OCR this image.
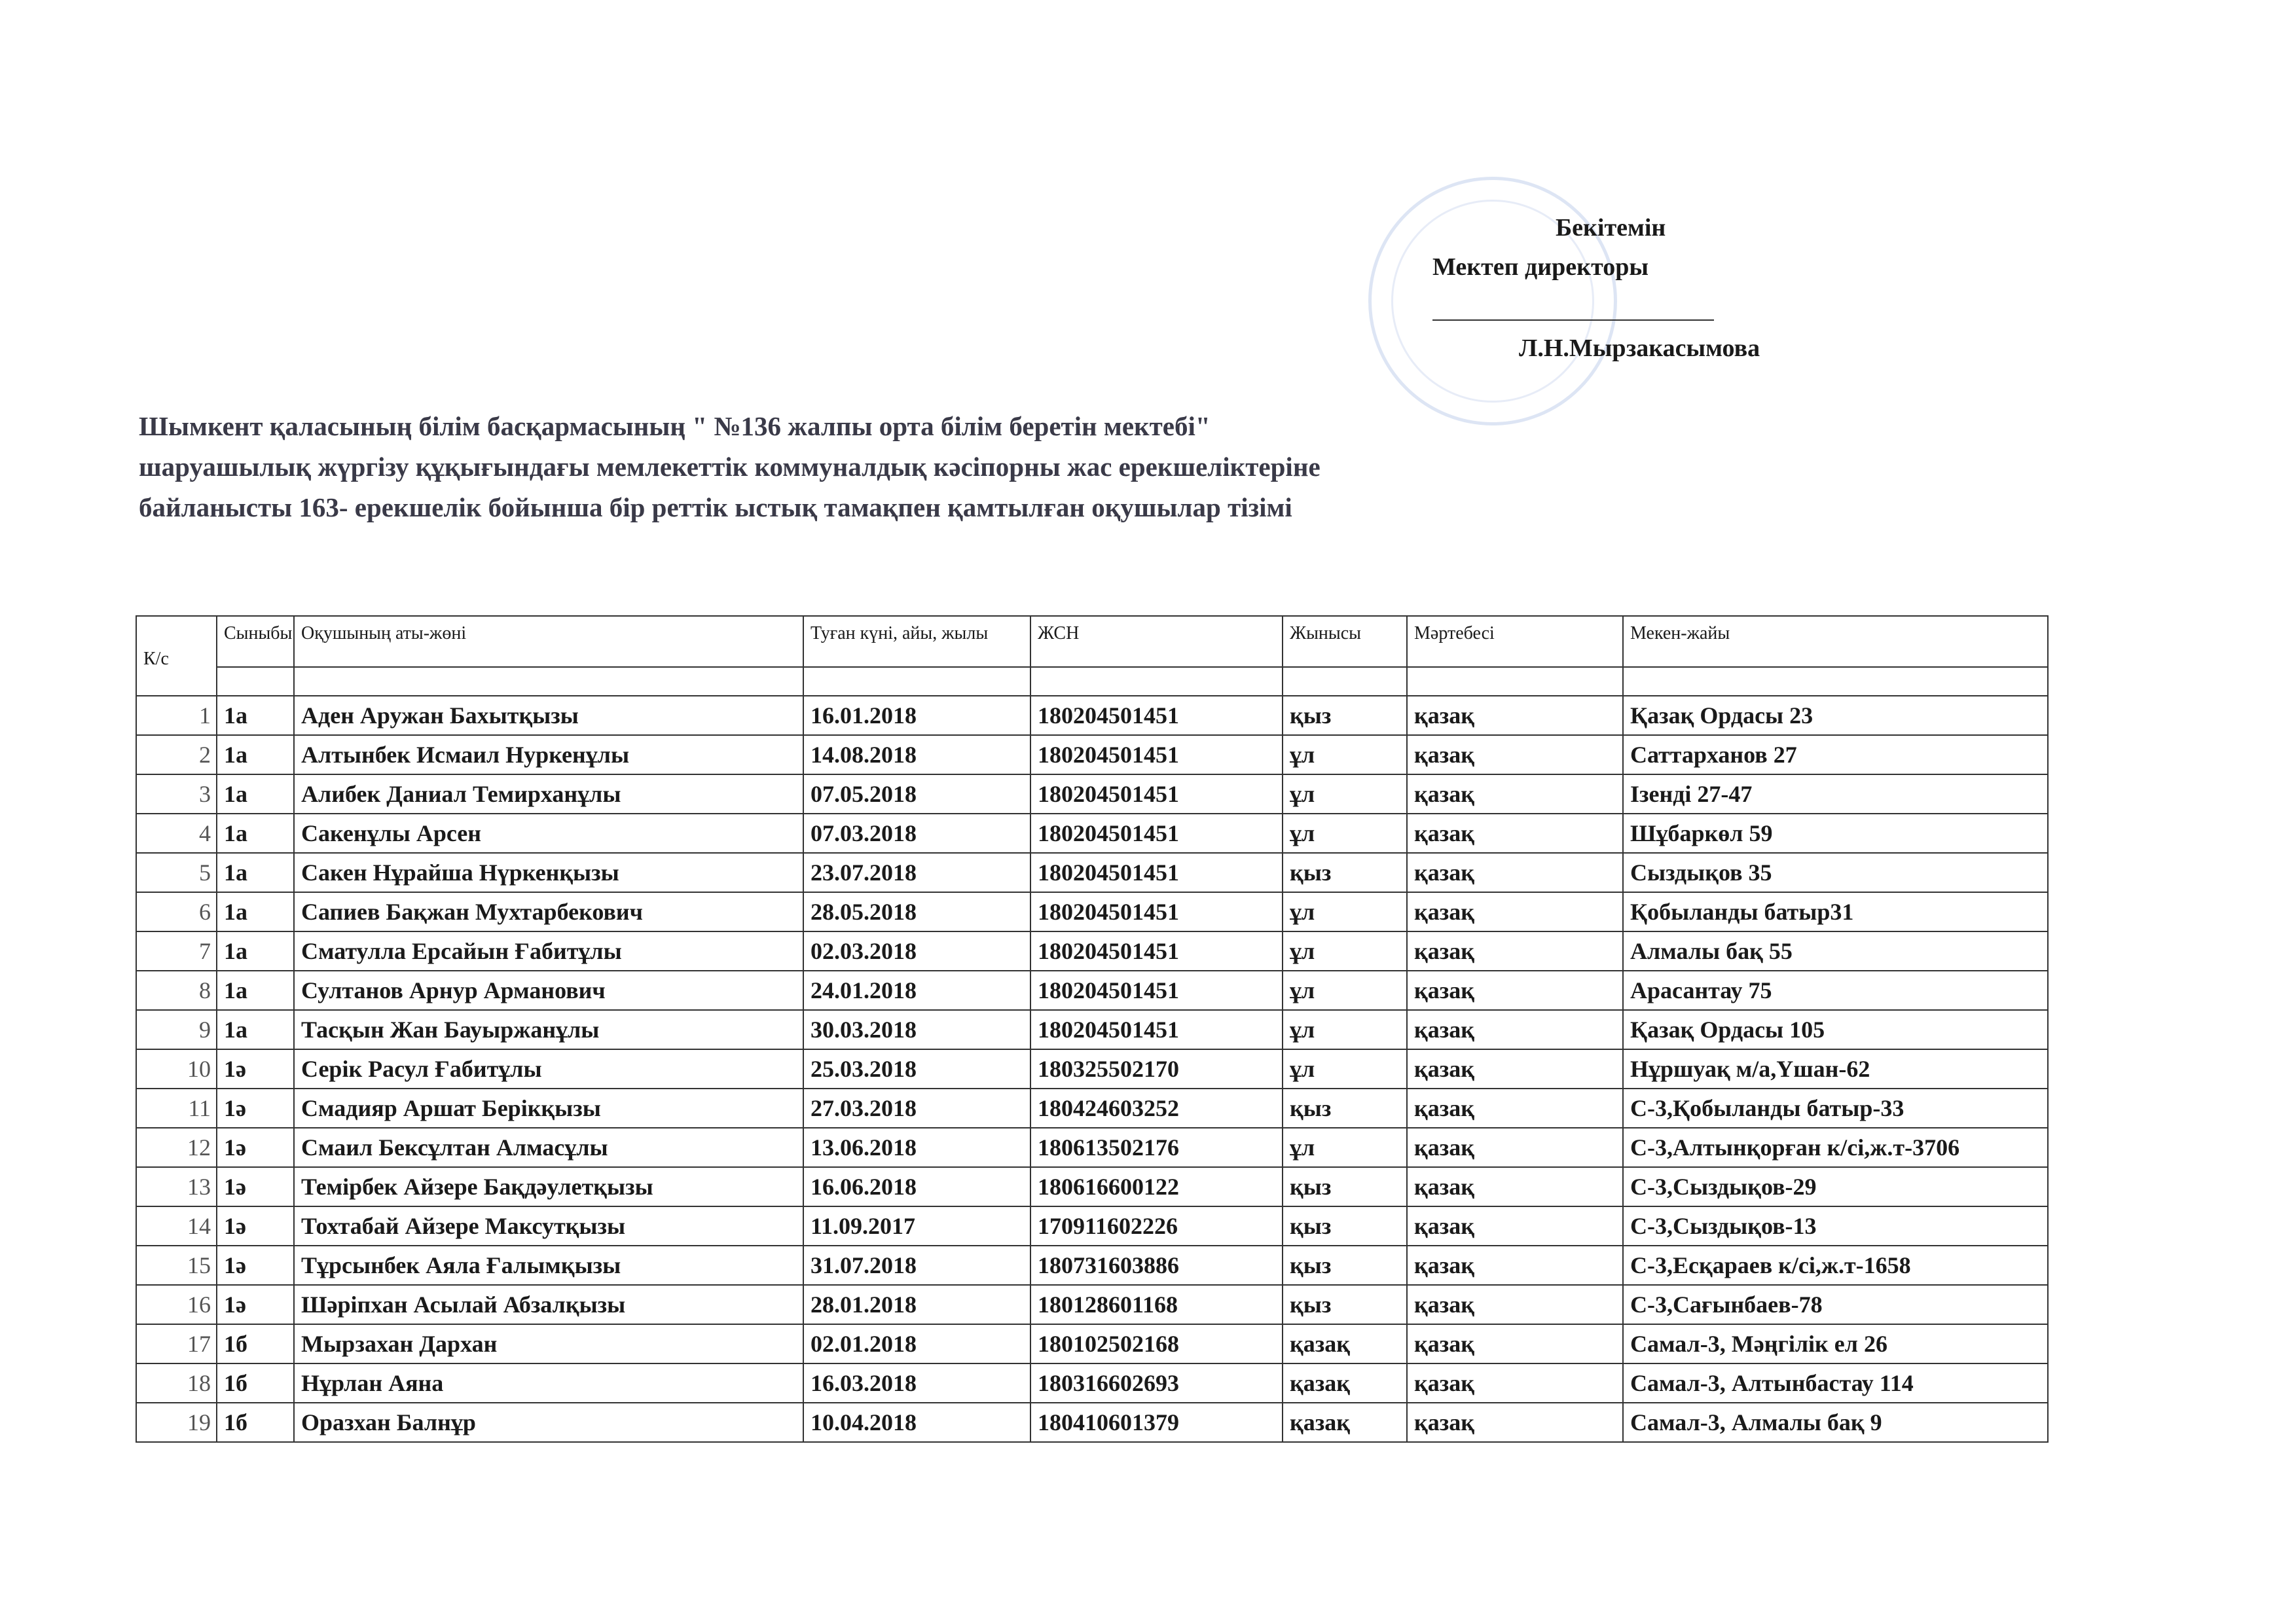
Бекітемін
Мектеп директоры
Л.Н.Мырзакасымова
Шымкент қаласының білім басқармасының " №136 жалпы орта білім беретін мектебі"
шаруашылық жүргізу құқығындағы мемлекеттік коммуналдық кәсіпорны жас ерекшеліктеріне
байланысты 163- ерекшелік бойынша бір реттік ыстық тамақпен қамтылған оқушылар тізімі
К/с	Сыныбы	Оқушының аты-жөні	Туған күні, айы, жылы	ЖСН	Жынысы	Мәртебесі	Мекен-жайы

1	1а	Аден Аружан Бахытқызы	16.01.2018	180204501451	қыз	қазақ	Қазақ Ордасы 23
2	1а	Алтынбек Исмаил Нуркенұлы	14.08.2018	180204501451	ұл	қазақ	Саттарханов 27
3	1а	Алибек Даниал Темирханұлы	07.05.2018	180204501451	ұл	қазақ	Ізенді 27-47
4	1а	Сакенұлы Арсен	07.03.2018	180204501451	ұл	қазақ	Шұбаркөл 59
5	1а	Сакен Нұрайша Нүркенқызы	23.07.2018	180204501451	қыз	қазақ	Сыздықов 35
6	1а	Сапиев Бақжан Мухтарбекович	28.05.2018	180204501451	ұл	қазақ	Қобыланды батыр31
7	1а	Сматулла Ерсайын Ғабитұлы	02.03.2018	180204501451	ұл	қазақ	Алмалы бақ 55
8	1а	Султанов Арнур Арманович	24.01.2018	180204501451	ұл	қазақ	Арасантау 75
9	1а	Тасқын Жан Бауыржанұлы	30.03.2018	180204501451	ұл	қазақ	Қазақ Ордасы 105
10	1ә	Серік Расул Ғабитұлы	25.03.2018	180325502170	ұл	қазақ	Нұршуақ м/а,Үшан-62
11	1ә	Смадияр Аршат Берікқызы	27.03.2018	180424603252	қыз	қазақ	С-3,Қобыланды батыр-33
12	1ә	Смаил Бексұлтан Алмасұлы	13.06.2018	180613502176	ұл	қазақ	С-3,Алтынқорған к/сі,ж.т-3706
13	1ә	Темірбек Айзере Бақдәулетқызы	16.06.2018	180616600122	қыз	қазақ	С-3,Сыздықов-29
14	1ә	Тохтабай Айзере Максутқызы	11.09.2017	170911602226	қыз	қазақ	С-3,Сыздықов-13
15	1ә	Тұрсынбек Аяла Ғалымқызы	31.07.2018	180731603886	қыз	қазақ	С-3,Есқараев к/сі,ж.т-1658
16	1ә	Шәріпхан Асылай Абзалқызы	28.01.2018	180128601168	қыз	қазақ	С-3,Сағынбаев-78
17	1б	Мырзахан Дархан	02.01.2018	180102502168	қазақ	қазақ	Самал-3, Мәңгілік ел 26
18	1б	Нұрлан Аяна	16.03.2018	180316602693	қазақ	қазақ	Самал-3, Алтынбастау 114
19	1б	Оразхан Балнұр	10.04.2018	180410601379	қазақ	қазақ	Самал-3, Алмалы бақ 9
